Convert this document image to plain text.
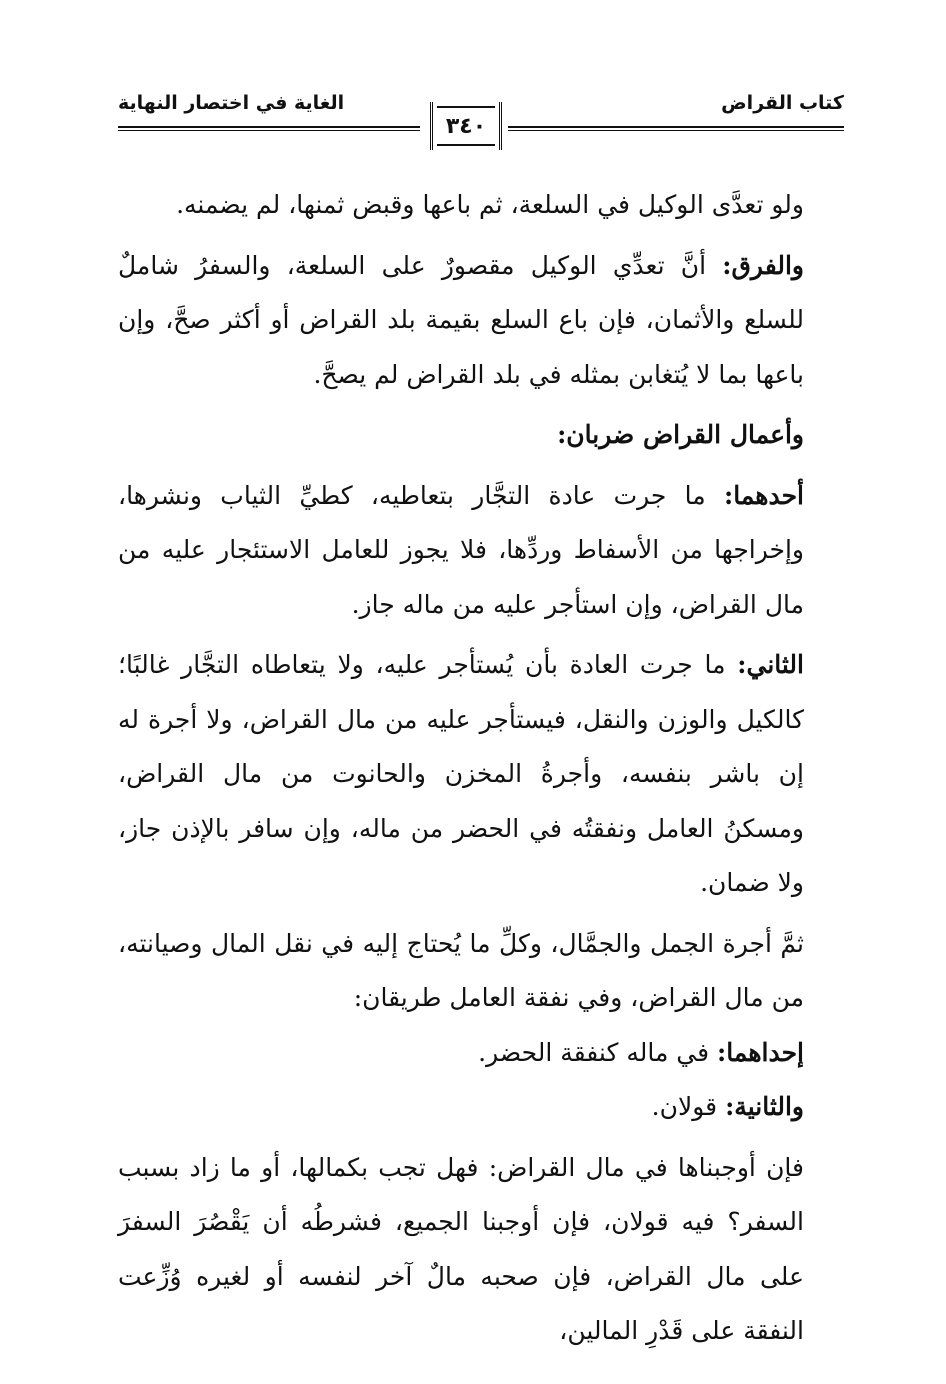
كتاب القراض
٣٤٠
الغاية في اختصار النهاية

ولو تعدَّى الوكيل في السلعة، ثم باعها وقبض ثمنها، لم يضمنه.

والفرق: أنَّ تعدِّي الوكيل مقصورٌ على السلعة، والسفرُ شاملٌ للسلع والأثمان، فإن باع السلع بقيمة بلد القراض أو أكثر صحَّ، وإن باعها بما لا يُتغابن بمثله في بلد القراض لم يصحَّ.

وأعمال القراض ضربان:

أحدهما: ما جرت عادة التجَّار بتعاطيه، كطيِّ الثياب ونشرها، وإخراجها من الأسفاط وردِّها، فلا يجوز للعامل الاستئجار عليه من مال القراض، وإن استأجر عليه من ماله جاز.

الثاني: ما جرت العادة بأن يُستأجر عليه، ولا يتعاطاه التجَّار غالبًا؛ كالكيل والوزن والنقل، فيستأجر عليه من مال القراض، ولا أجرة له إن باشر بنفسه، وأجرةُ المخزن والحانوت من مال القراض، ومسكنُ العامل ونفقتُه في الحضر من ماله، وإن سافر بالإذن جاز، ولا ضمان.

ثمَّ أجرة الجمل والجمَّال، وكلِّ ما يُحتاج إليه في نقل المال وصيانته، من مال القراض، وفي نفقة العامل طريقان:

إحداهما: في ماله كنفقة الحضر.

والثانية: قولان.

فإن أوجبناها في مال القراض: فهل تجب بكمالها، أو ما زاد بسبب السفر؟ فيه قولان، فإن أوجبنا الجميع، فشرطُه أن يَقْصُرَ السفرَ على مال القراض، فإن صحبه مالٌ آخر لنفسه أو لغيره وُزِّعت النفقة على قَدْرِ المالين،
